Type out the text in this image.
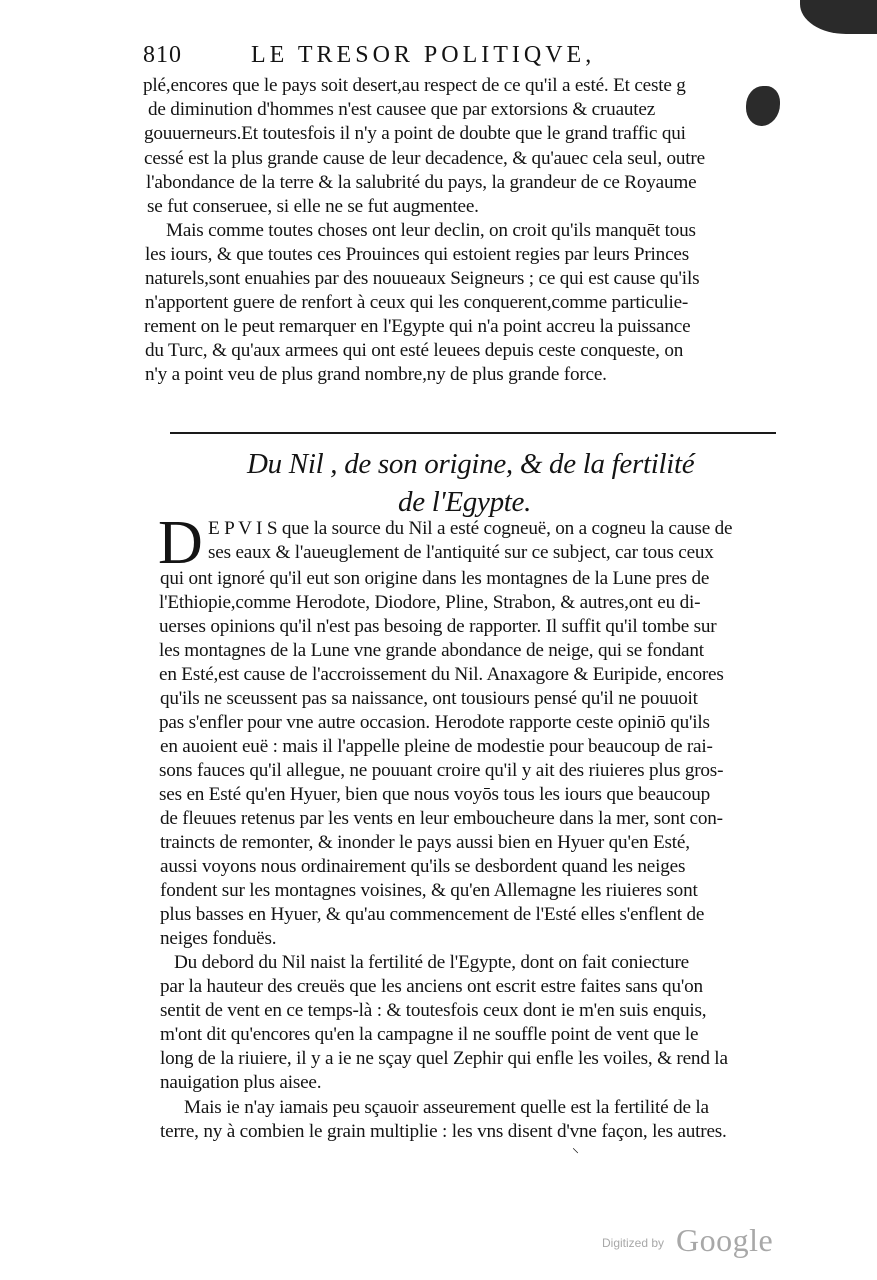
810	LE TRESOR POLITIQVE,
plé,encores que le pays soit desert,au respect de ce qu'il a esté. Et ceste g
de diminution d'hommes n'est causee que par extorsions & cruautez
gouuerneurs.Et toutesfois il n'y a point de doubte que le grand traffic qui
cessé est la plus grande cause de leur decadence, & qu'auec cela seul, outre
l'abondance de la terre & la salubrité du pays, la grandeur de ce Royaume
se fut conseruee, si elle ne se fut augmentee.
Mais comme toutes choses ont leur declin, on croit qu'ils manquēt tous
les iours, & que toutes ces Prouinces qui estoient regies par leurs Princes
naturels,sont enuahies par des nouueaux Seigneurs ; ce qui est cause qu'ils
n'apportent guere de renfort à ceux qui les conquerent,comme particulie-
rement on le peut remarquer en l'Egypte qui n'a point accreu la puissance
du Turc, & qu'aux armees qui ont esté leuees depuis ceste conqueste, on
n'y a point veu de plus grand nombre,ny de plus grande force.
Du Nil , de son origine, & de la fertilité
de l'Egypte.
D E P V I S que la source du Nil a esté cogneuë, on a cogneu la cause de
ses eaux & l'aueuglement de l'antiquité sur ce subject, car tous ceux
qui ont ignoré qu'il eut son origine dans les montagnes de la Lune pres de
l'Ethiopie,comme Herodote, Diodore, Pline, Strabon, & autres,ont eu di-
uerses opinions qu'il n'est pas besoing de rapporter. Il suffit qu'il tombe sur
les montagnes de la Lune vne grande abondance de neige, qui se fondant
en Esté,est cause de l'accroissement du Nil. Anaxagore & Euripide, encores
qu'ils ne sceussent pas sa naissance, ont tousiours pensé qu'il ne pouuoit
pas s'enfler pour vne autre occasion. Herodote rapporte ceste opiniō qu'ils
en auoient euë : mais il l'appelle pleine de modestie pour beaucoup de rai-
sons fauces qu'il allegue, ne pouuant croire qu'il y ait des riuieres plus gros-
ses en Esté qu'en Hyuer, bien que nous voyōs tous les iours que beaucoup
de fleuues retenus par les vents en leur emboucheure dans la mer, sont con-
traincts de remonter, & inonder le pays aussi bien en Hyuer qu'en Esté,
aussi voyons nous ordinairement qu'ils se desbordent quand les neiges
fondent sur les montagnes voisines, & qu'en Allemagne les riuieres sont
plus basses en Hyuer, & qu'au commencement de l'Esté elles s'enflent de
neiges fonduës.
Du debord du Nil naist la fertilité de l'Egypte, dont on fait coniecture
par la hauteur des creuës que les anciens ont escrit estre faites sans qu'on
sentit de vent en ce temps-là : & toutesfois ceux dont ie m'en suis enquis,
m'ont dit qu'encores qu'en la campagne il ne souffle point de vent que le
long de la riuiere, il y a ie ne sçay quel Zephir qui enfle les voiles, & rend la
nauigation plus aisee.
Mais ie n'ay iamais peu sçauoir asseurement quelle est la fertilité de la
terre, ny à combien le grain multiplie : les vns disent d'vne façon, les autres.
⸌
Digitized by Google
